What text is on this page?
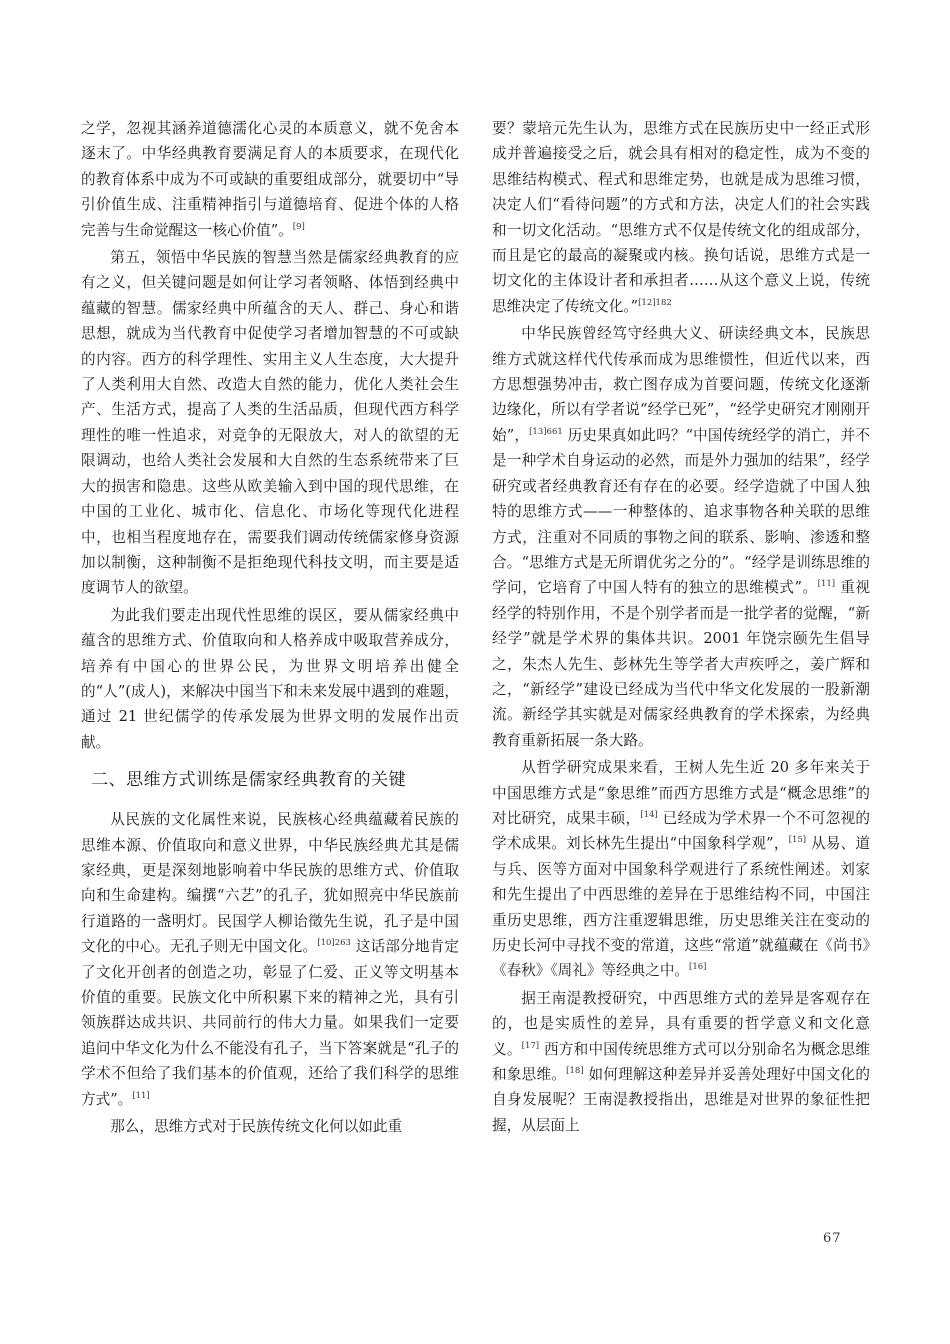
之学，忽视其涵养道德濡化心灵的本质意义，就不免舍本逐末了。中华经典教育要满足育人的本质要求，在现代化的教育体系中成为不可或缺的重要组成部分，就要切中“导引价值生成、注重精神指引与道德培育、促进个体的人格完善与生命觉醒这一核心价值”。[9]

第五，领悟中华民族的智慧当然是儒家经典教育的应有之义，但关键问题是如何让学习者领略、体悟到经典中蕴藏的智慧。儒家经典中所蕴含的天人、群己、身心和谐思想，就成为当代教育中促使学习者增加智慧的不可或缺的内容。西方的科学理性、实用主义人生态度，大大提升了人类利用大自然、改造大自然的能力，优化人类社会生产、生活方式，提高了人类的生活品质，但现代西方科学理性的唯一性追求，对竞争的无限放大，对人的欲望的无限调动，也给人类社会发展和大自然的生态系统带来了巨大的损害和隐患。这些从欧美输入到中国的现代思维，在中国的工业化、城市化、信息化、市场化等现代化进程中，也相当程度地存在，需要我们调动传统儒家修身资源加以制衡，这种制衡不是拒绝现代科技文明，而主要是适度调节人的欲望。

为此我们要走出现代性思维的误区，要从儒家经典中蕴含的思维方式、价值取向和人格养成中吸取营养成分，培养有中国心的世界公民，为世界文明培养出健全的“人”(成人)，来解决中国当下和未来发展中遇到的难题，通过 21 世纪儒学的传承发展为世界文明的发展作出贡献。

二、思维方式训练是儒家经典教育的关键

从民族的文化属性来说，民族核心经典蕴藏着民族的思维本源、价值取向和意义世界，中华民族经典尤其是儒家经典，更是深刻地影响着中华民族的思维方式、价值取向和生命建构。编撰“六艺”的孔子，犹如照亮中华民族前行道路的一盏明灯。民国学人柳诒徵先生说，孔子是中国文化的中心。无孔子则无中国文化。$^{[10]263}$ 这话部分地肯定了文化开创者的创造之功，彰显了仁爱、正义等文明基本价值的重要。民族文化中所积累下来的精神之光，具有引领族群达成共识、共同前行的伟大力量。如果我们一定要追问中华文化为什么不能没有孔子，当下答案就是“孔子的学术不但给了我们基本的价值观，还给了我们科学的思维方式”。[11]

那么，思维方式对于民族传统文化何以如此重

要？蒙培元先生认为，思维方式在民族历史中一经正式形成并普遍接受之后，就会具有相对的稳定性，成为不变的思维结构模式、程式和思维定势，也就是成为思维习惯，决定人们“看待问题”的方式和方法，决定人们的社会实践和一切文化活动。“思维方式不仅是传统文化的组成部分，而且是它的最高的凝聚或内核。换句话说，思维方式是一切文化的主体设计者和承担者……从这个意义上说，传统思维决定了传统文化。”$^{[12]182}$

中华民族曾经笃守经典大义、研读经典文本，民族思维方式就这样代代传承而成为思维惯性，但近代以来，西方思想强势冲击，救亡图存成为首要问题，传统文化逐渐边缘化，所以有学者说“经学已死”，“经学史研究才刚刚开始”，$^{[13]661}$ 历史果真如此吗？“中国传统经学的消亡，并不是一种学术自身运动的必然，而是外力强加的结果”，经学研究或者经典教育还有存在的必要。经学造就了中国人独特的思维方式——一种整体的、追求事物各种关联的思维方式，注重对不同质的事物之间的联系、影响、渗透和整合。“思维方式是无所谓优劣之分的”。“经学是训练思维的学问，它培育了中国人特有的独立的思维模式”。[11] 重视经学的特别作用，不是个别学者而是一批学者的觉醒，“新经学”就是学术界的集体共识。2001 年饶宗颐先生倡导之，朱杰人先生、彭林先生等学者大声疾呼之，姜广辉和之，“新经学”建设已经成为当代中华文化发展的一股新潮流。新经学其实就是对儒家经典教育的学术探索，为经典教育重新拓展一条大路。

从哲学研究成果来看，王树人先生近 20 多年来关于中国思维方式是“象思维”而西方思维方式是“概念思维”的对比研究，成果丰硕，[14] 已经成为学术界一个不可忽视的学术成果。刘长林先生提出“中国象科学观”，[15] 从易、道与兵、医等方面对中国象科学观进行了系统性阐述。刘家和先生提出了中西思维的差异在于思维结构不同，中国注重历史思维，西方注重逻辑思维，历史思维关注在变动的历史长河中寻找不变的常道，这些“常道”就蕴藏在《尚书》《春秋》《周礼》等经典之中。[16]

据王南湜教授研究，中西思维方式的差异是客观存在的，也是实质性的差异，具有重要的哲学意义和文化意义。[17] 西方和中国传统思维方式可以分别命名为概念思维和象思维。[18] 如何理解这种差异并妥善处理好中国文化的自身发展呢？王南湜教授指出，思维是对世界的象征性把握，从层面上

67
